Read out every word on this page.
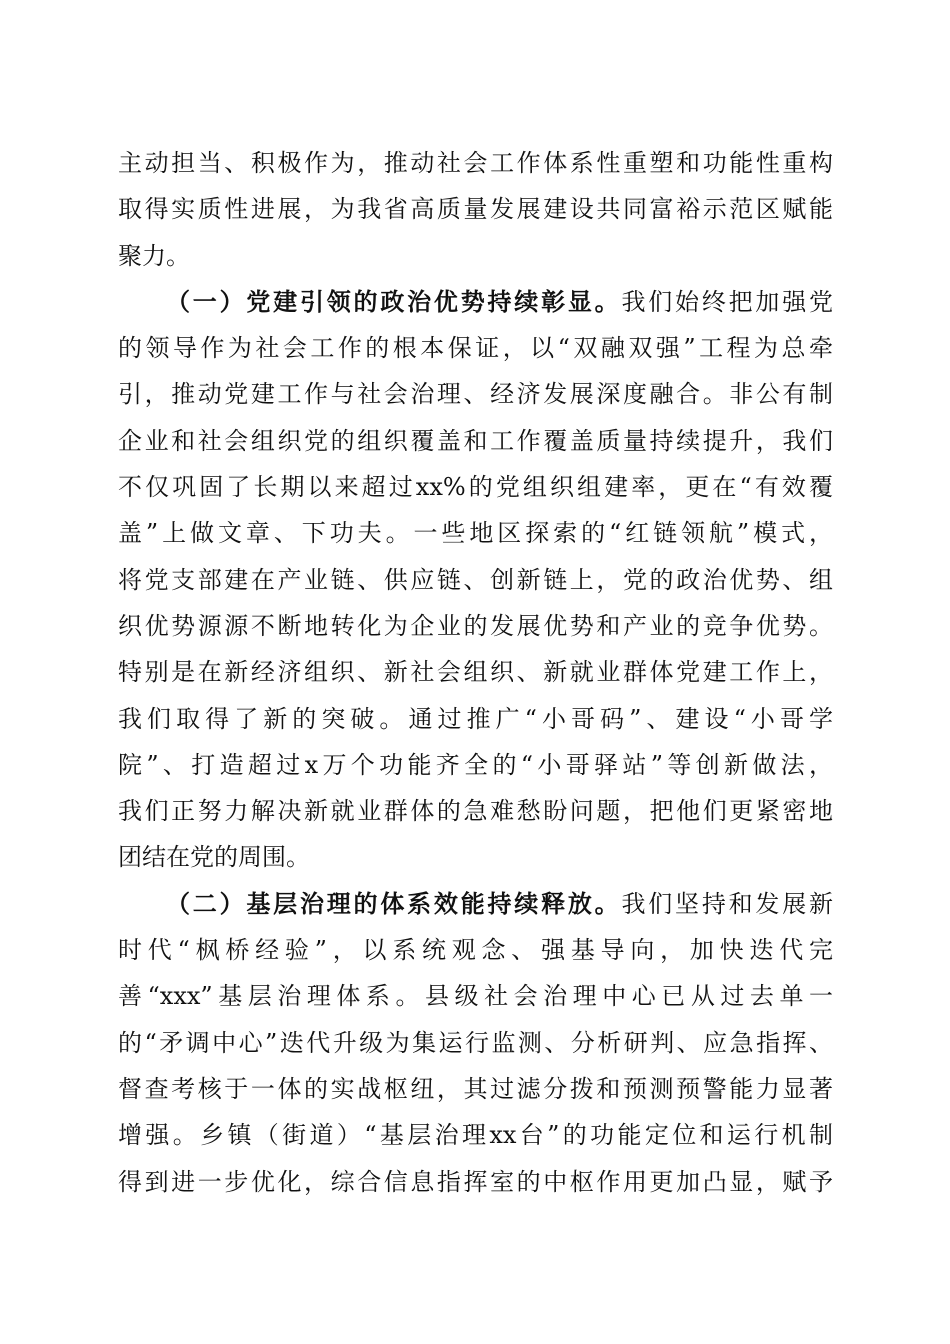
主动担当、积极作为，推动社会工作体系性重塑和功能性重构
取得实质性进展，为我省高质量发展建设共同富裕示范区赋能
聚力。
（一）党建引领的政治优势持续彰显。我们始终把加强党
的领导作为社会工作的根本保证，以“双融双强”工程为总牵
引，推动党建工作与社会治理、经济发展深度融合。非公有制
企业和社会组织党的组织覆盖和工作覆盖质量持续提升，我们
不仅巩固了长期以来超过xx%的党组织组建率，更在“有效覆
盖”上做文章、下功夫。一些地区探索的“红链领航”模式，
将党支部建在产业链、供应链、创新链上，党的政治优势、组
织优势源源不断地转化为企业的发展优势和产业的竞争优势。
特别是在新经济组织、新社会组织、新就业群体党建工作上，
我们取得了新的突破。通过推广“小哥码”、建设“小哥学
院”、打造超过x万个功能齐全的“小哥驿站”等创新做法，
我们正努力解决新就业群体的急难愁盼问题，把他们更紧密地
团结在党的周围。
（二）基层治理的体系效能持续释放。我们坚持和发展新
时代“枫桥经验”，以系统观念、强基导向，加快迭代完
善“xxx”基层治理体系。县级社会治理中心已从过去单一
的“矛调中心”迭代升级为集运行监测、分析研判、应急指挥、
督查考核于一体的实战枢纽，其过滤分拨和预测预警能力显著
增强。乡镇（街道）“基层治理xx台”的功能定位和运行机制
得到进一步优化，综合信息指挥室的中枢作用更加凸显，赋予
